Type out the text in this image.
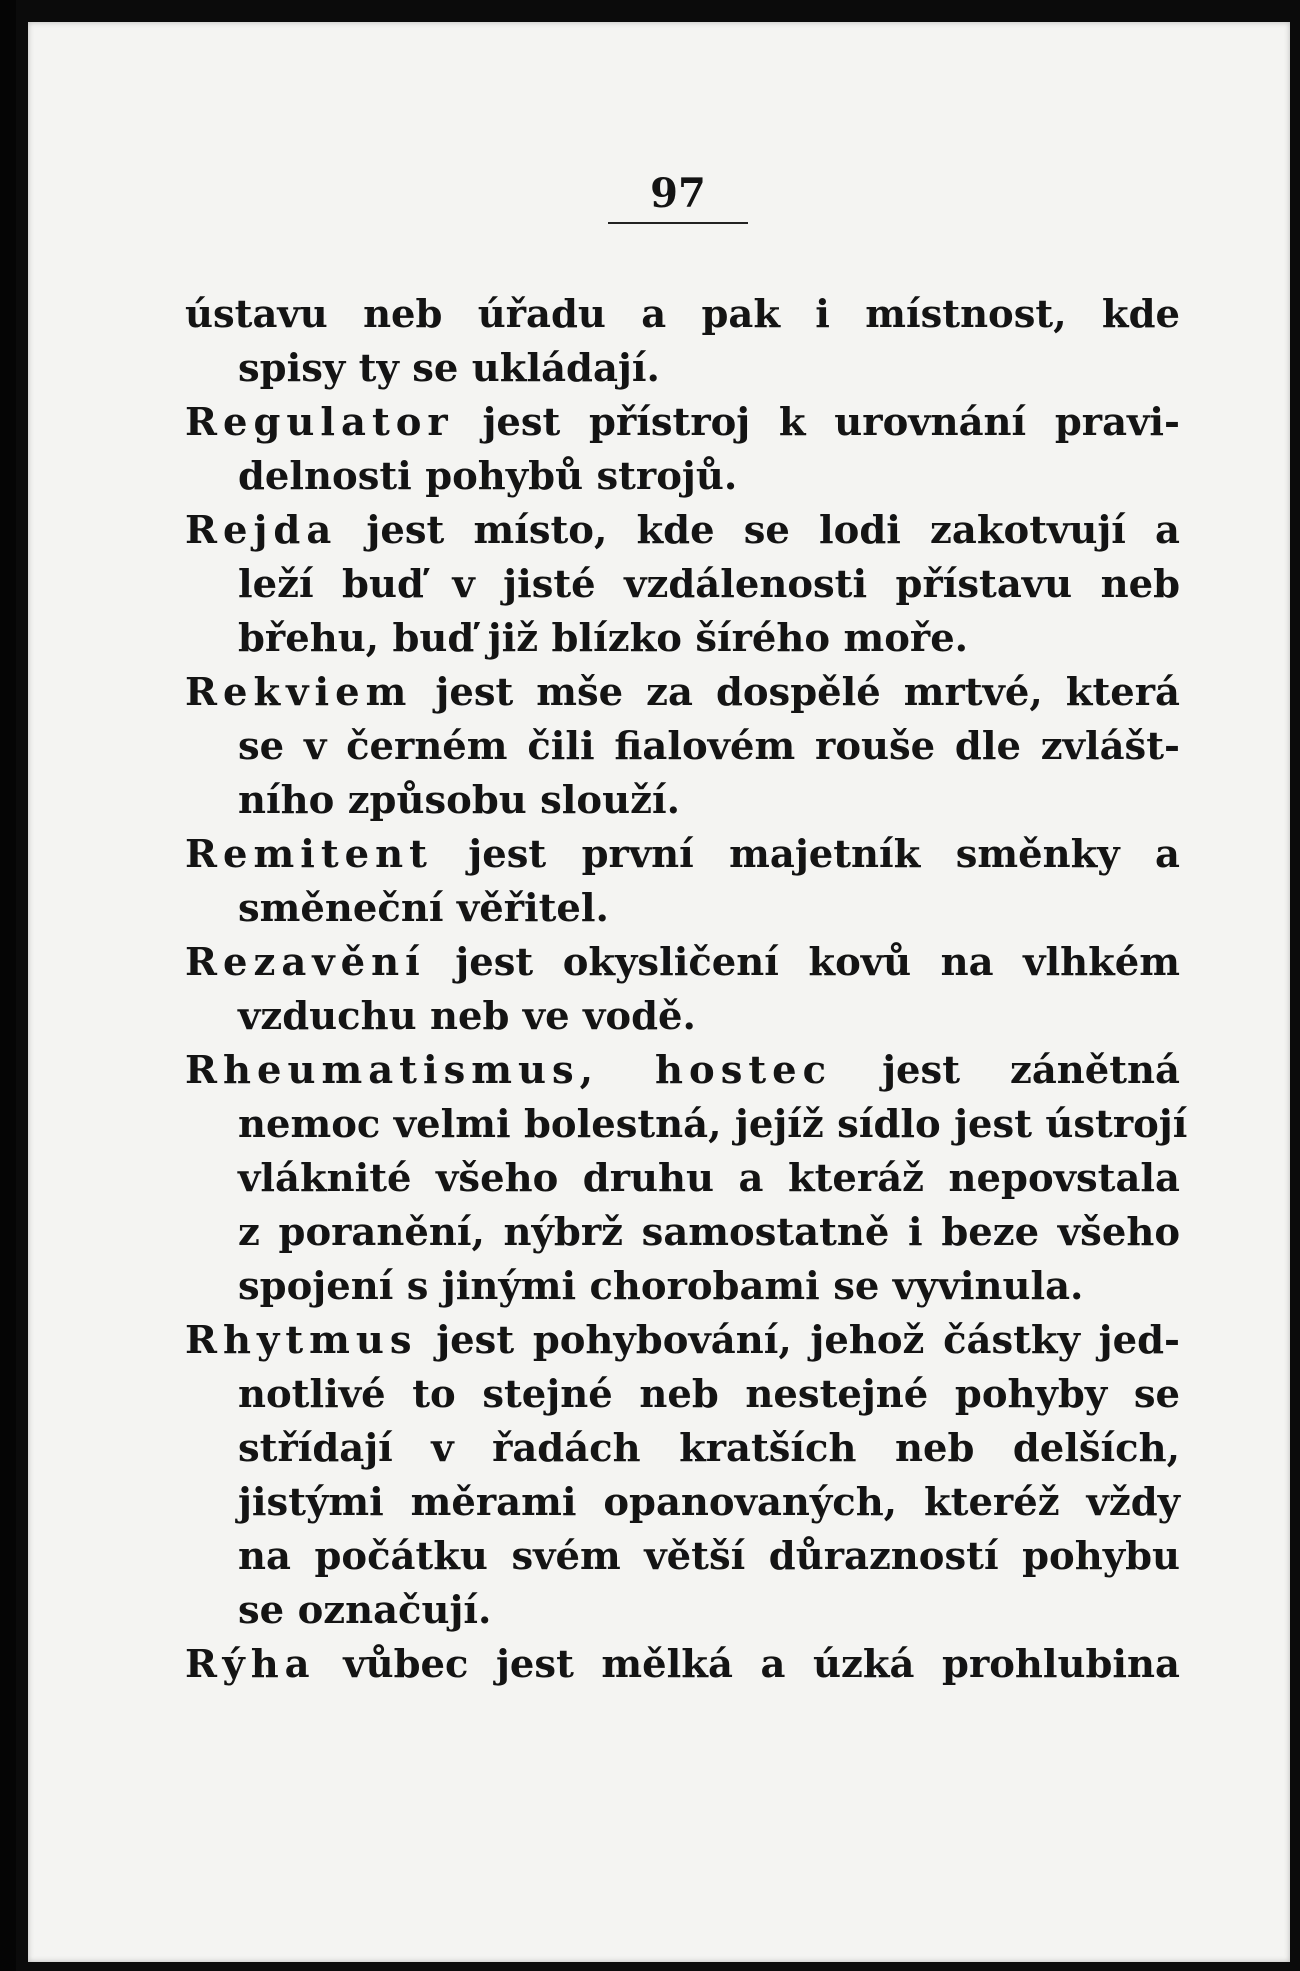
97
ústavu neb úřadu a pak i místnost, kde
spisy ty se ukládají.
Regulator jest přístroj k urovnání pravi-
delnosti pohybů strojů.
Rejda jest místo, kde se lodi zakotvují a
leží buď v jisté vzdálenosti přístavu neb
břehu, buď již blízko šírého moře.
Rekviem jest mše za dospělé mrtvé, která
se v černém čili fialovém rouše dle zvlášt-
ního způsobu slouží.
Remitent jest první majetník směnky a
směneční věřitel.
Rezavění jest okysličení kovů na vlhkém
vzduchu neb ve vodě.
Rheumatismus, hostec jest zánětná
nemoc velmi bolestná, jejíž sídlo jest ústrojí
vláknité všeho druhu a kteráž nepovstala
z poranění, nýbrž samostatně i beze všeho
spojení s jinými chorobami se vyvinula.
Rhytmus jest pohybování, jehož částky jed-
notlivé to stejné neb nestejné pohyby se
střídají v řadách kratších neb delších,
jistými měrami opanovaných, kteréž vždy
na počátku svém větší důrazností pohybu
se označují.
Rýha vůbec jest mělká a úzká prohlubina
